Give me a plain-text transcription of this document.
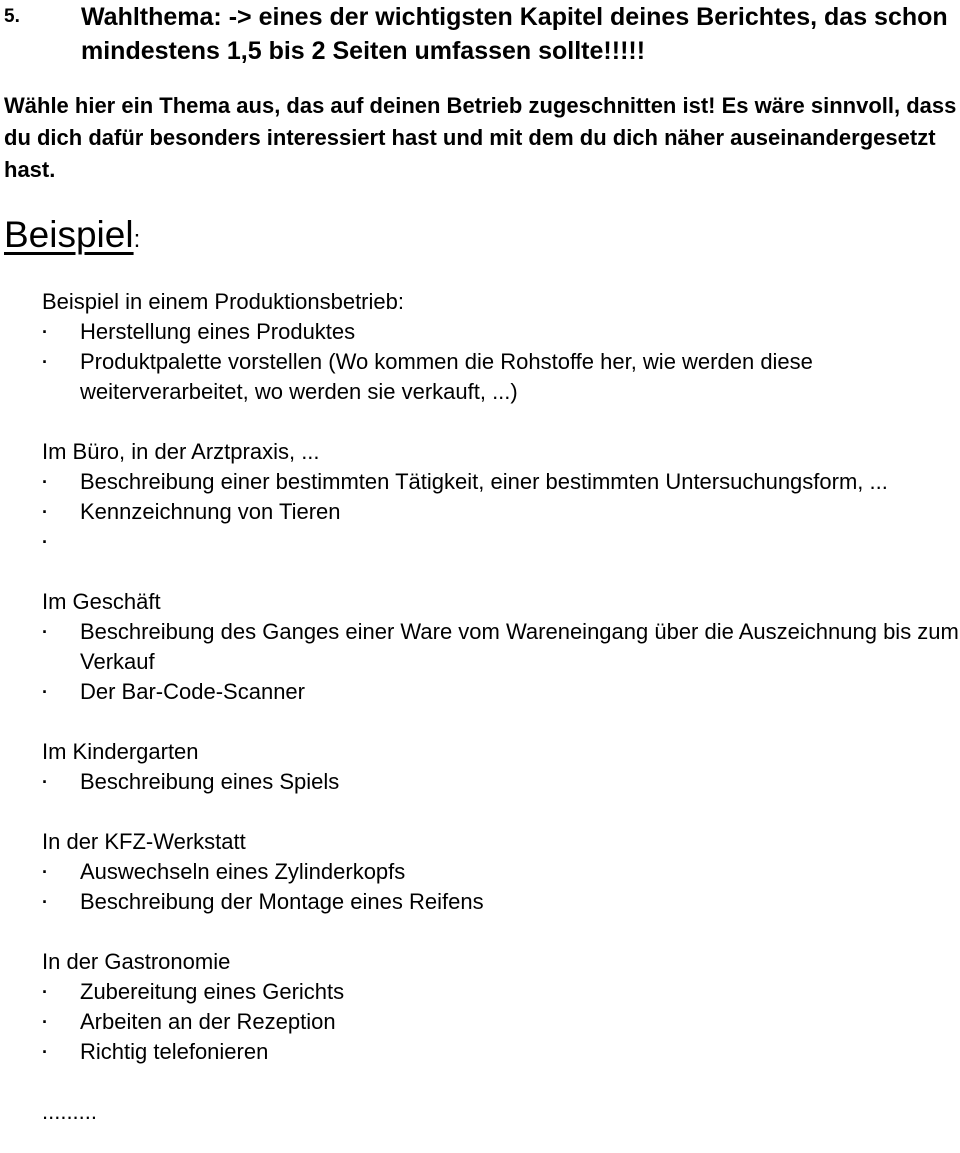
5.	Wahlthema: -> eines der wichtigsten Kapitel deines Berichtes, das schon mindestens 1,5 bis 2 Seiten umfassen sollte!!!!!
Wähle hier ein Thema aus, das auf deinen Betrieb zugeschnitten ist! Es wäre sinnvoll, dass du dich dafür besonders interessiert hast und mit dem du dich näher auseinandergesetzt hast.
Beispiel:
Beispiel in einem Produktionsbetrieb:
· Herstellung eines Produktes
· Produktpalette vorstellen (Wo kommen die Rohstoffe her, wie werden diese weiterverarbeitet, wo werden sie verkauft, ...)
Im Büro, in der Arztpraxis, ...
· Beschreibung einer bestimmten Tätigkeit, einer bestimmten Untersuchungsform, ...
· Kennzeichnung von Tieren
·
Im Geschäft
· Beschreibung des Ganges einer Ware vom Wareneingang über die Auszeichnung bis zum Verkauf
· Der Bar-Code-Scanner
Im Kindergarten
· Beschreibung eines Spiels
In der KFZ-Werkstatt
· Auswechseln eines Zylinderkopfs
· Beschreibung der Montage eines Reifens
In der Gastronomie
· Zubereitung eines Gerichts
· Arbeiten an der Rezeption
· Richtig telefonieren
.........
